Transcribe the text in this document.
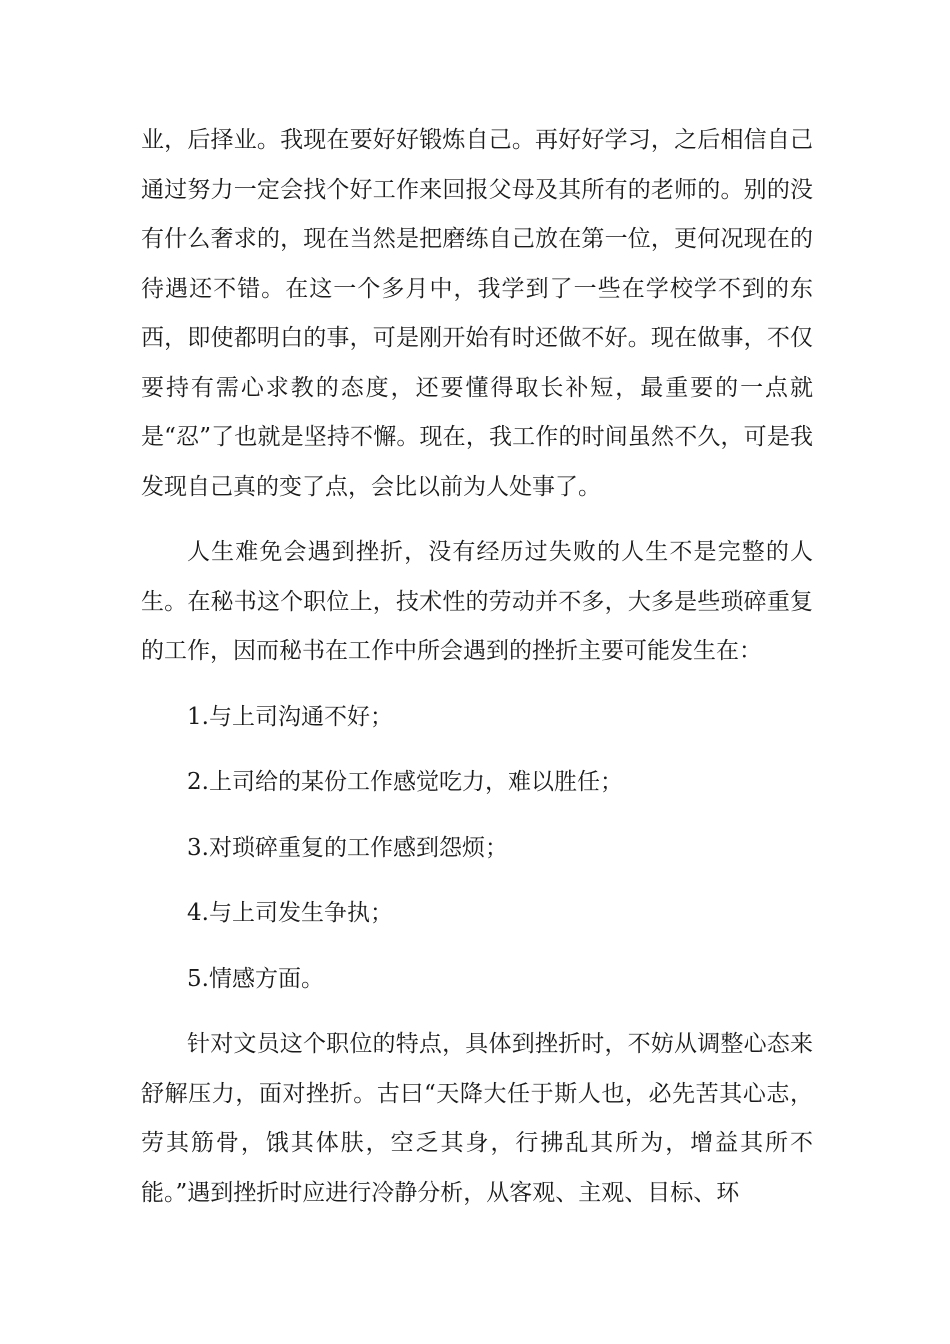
业，后择业。我现在要好好锻炼自己。再好好学习，之后相信自己通过努力一定会找个好工作来回报父母及其所有的老师的。别的没有什么奢求的，现在当然是把磨练自己放在第一位，更何况现在的待遇还不错。在这一个多月中，我学到了一些在学校学不到的东西，即使都明白的事，可是刚开始有时还做不好。现在做事，不仅要持有需心求教的态度，还要懂得取长补短，最重要的一点就是“忍”了也就是坚持不懈。现在，我工作的时间虽然不久，可是我发现自己真的变了点，会比以前为人处事了。

人生难免会遇到挫折，没有经历过失败的人生不是完整的人生。在秘书这个职位上，技术性的劳动并不多，大多是些琐碎重复的工作，因而秘书在工作中所会遇到的挫折主要可能发生在：

1.与上司沟通不好；

2.上司给的某份工作感觉吃力，难以胜任；

3.对琐碎重复的工作感到怨烦；

4.与上司发生争执；

5.情感方面。

针对文员这个职位的特点，具体到挫折时，不妨从调整心态来舒解压力，面对挫折。古曰“天降大任于斯人也，必先苦其心志，劳其筋骨，饿其体肤，空乏其身，行拂乱其所为，增益其所不能。”遇到挫折时应进行冷静分析，从客观、主观、目标、环
